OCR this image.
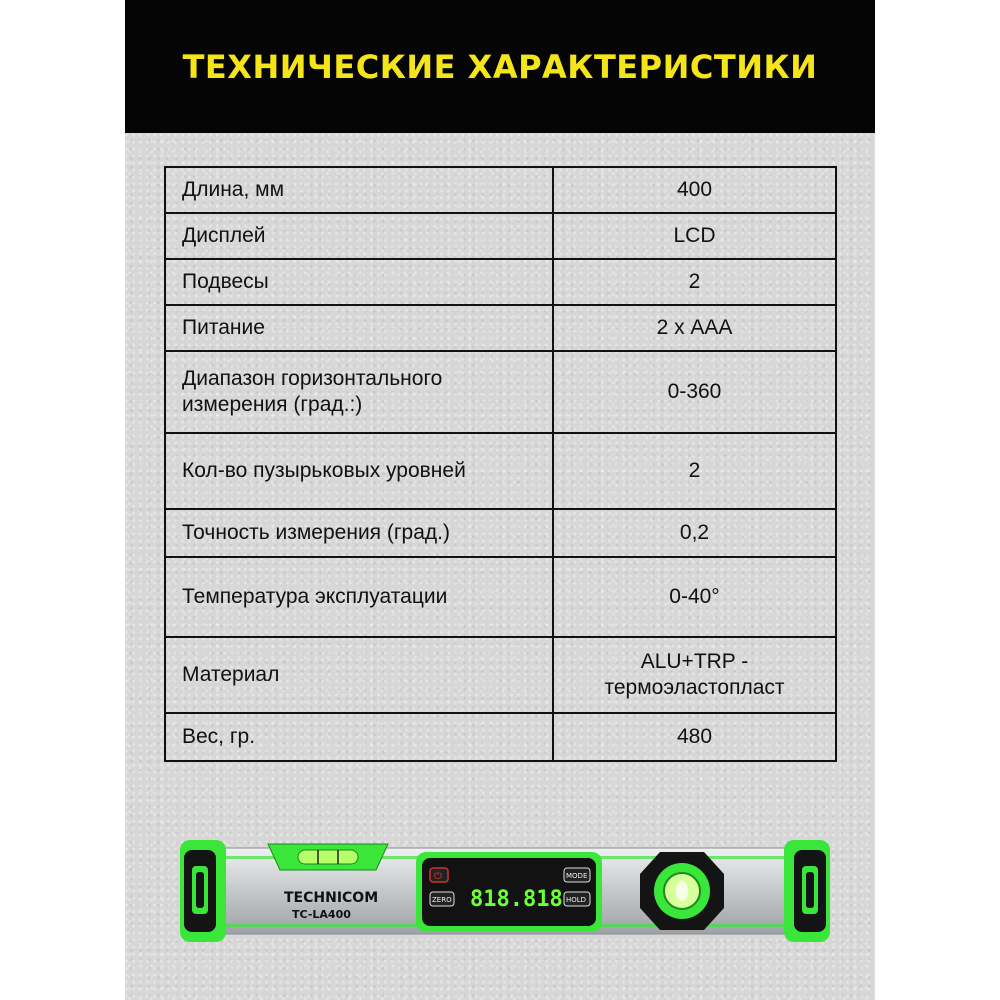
ТЕХНИЧЕСКИЕ ХАРАКТЕРИСТИКИ
Длина, мм	400
Дисплей	LCD
Подвесы	2
Питание	2 х ААА
Диапазон горизонтального измерения (град.:)	0-360
Кол-во пузырьковых уровней	2
Точность измерения (град.)	0,2
Температура эксплуатации	0-40°
Материал	ALU+TRP - термоэластопласт
Вес, гр.	480
TECHNICOM
TC-LA400
⏻
ZERO
MODE
HOLD
818.818
